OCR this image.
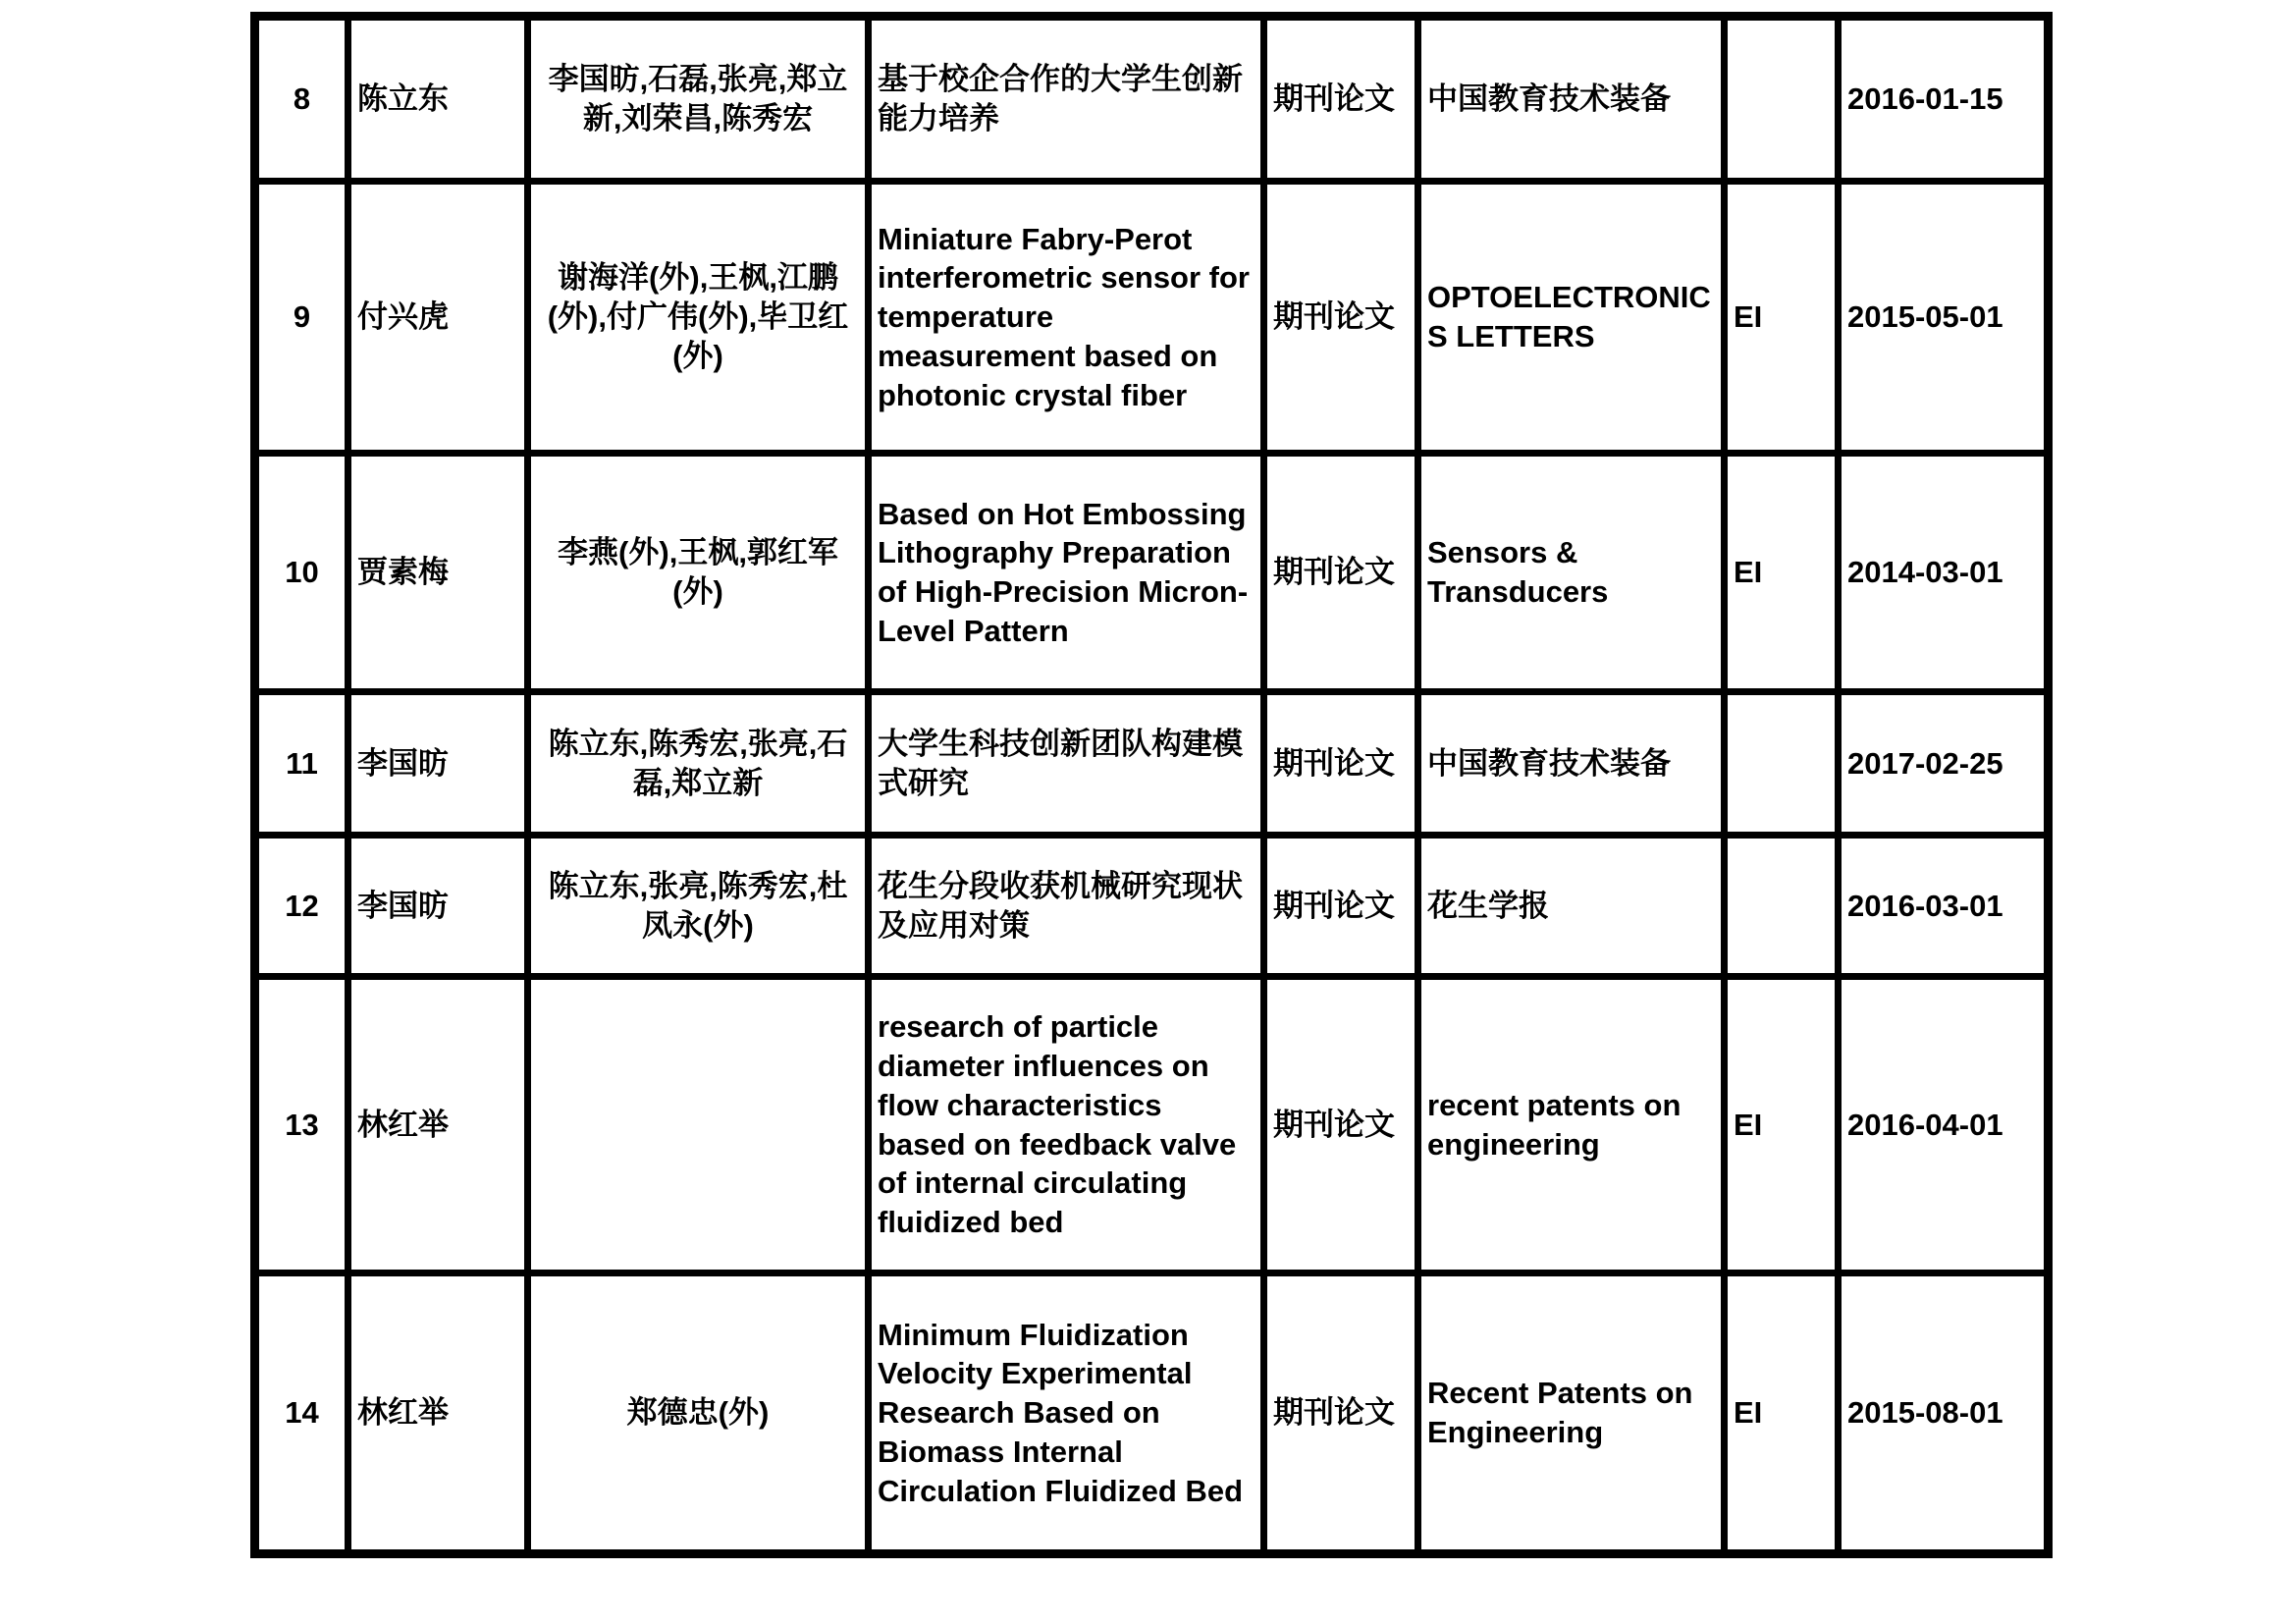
8	陈立东	李国昉,石磊,张亮,郑立新,刘荣昌,陈秀宏	基于校企合作的大学生创新能力培养	期刊论文	中国教育技术装备		2016-01-15
9	付兴虎	谢海洋(外),王枫,江鹏(外),付广伟(外),毕卫红(外)	Miniature Fabry-Perot interferometric sensor for temperature measurement based on photonic crystal fiber	期刊论文	OPTOELECTRONICS LETTERS	EI	2015-05-01
10	贾素梅	李燕(外),王枫,郭红军(外)	Based on Hot Embossing Lithography Preparation of High-Precision Micron-Level Pattern	期刊论文	Sensors & Transducers	EI	2014-03-01
11	李国昉	陈立东,陈秀宏,张亮,石磊,郑立新	大学生科技创新团队构建模式研究	期刊论文	中国教育技术装备		2017-02-25
12	李国昉	陈立东,张亮,陈秀宏,杜凤永(外)	花生分段收获机械研究现状及应用对策	期刊论文	花生学报		2016-03-01
13	林红举		research of particle diameter influences on flow characteristics based on feedback valve of internal circulating fluidized bed	期刊论文	recent patents on engineering	EI	2016-04-01
14	林红举	郑德忠(外)	Minimum Fluidization Velocity Experimental Research Based on Biomass Internal Circulation Fluidized Bed	期刊论文	Recent Patents on Engineering	EI	2015-08-01
